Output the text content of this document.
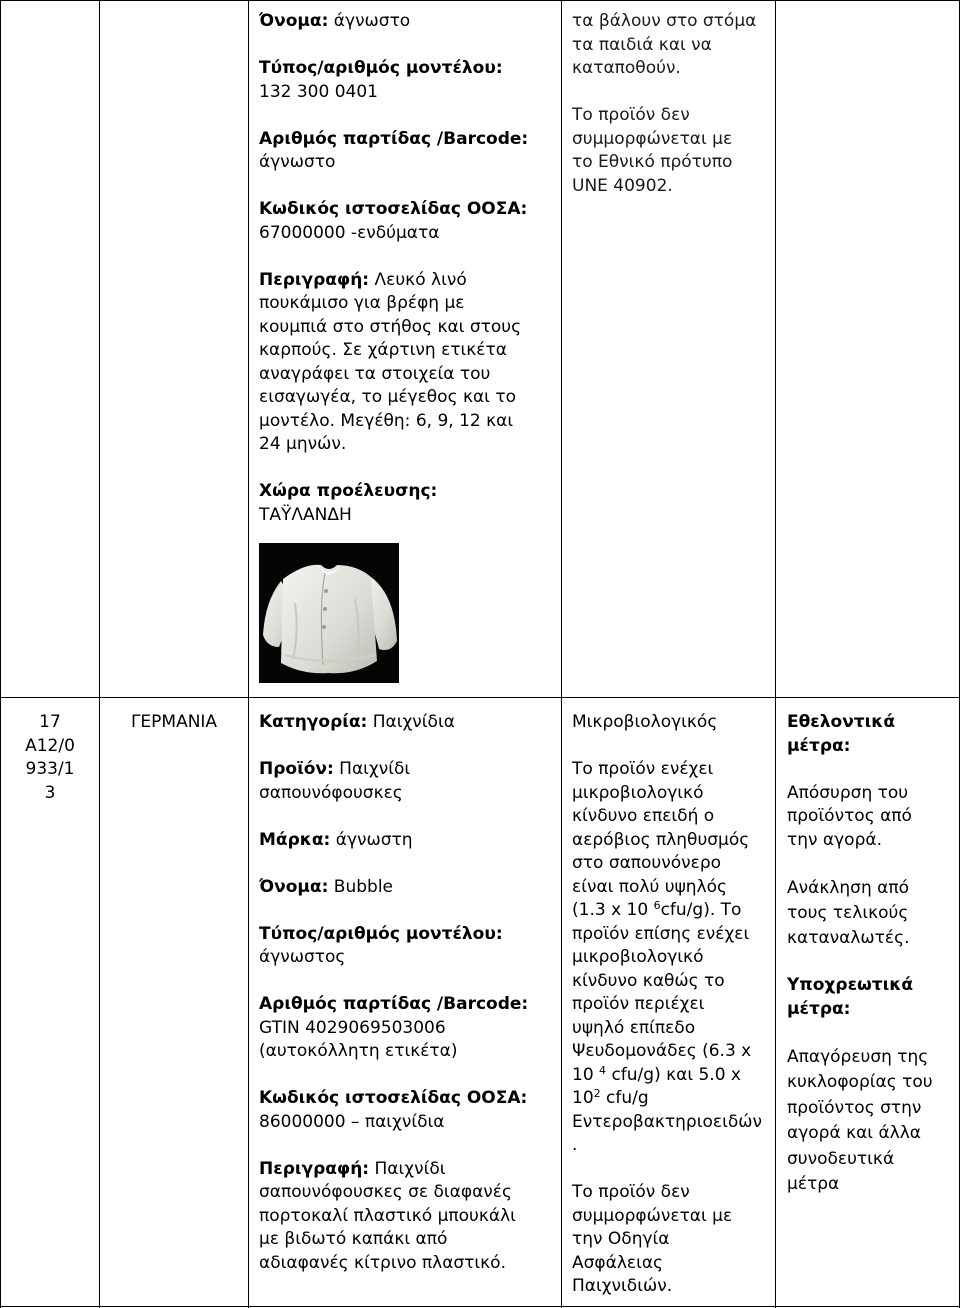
Όνομα: άγνωστο

Τύπος/αριθμός μοντέλου:

132 300 0401

Αριθμός παρτίδας /Barcode:

άγνωστο

Κωδικός ιστοσελίδας ΟΟΣΑ:

67000000 -ενδύματα

Περιγραφή: Λευκό λινό

πουκάμισο για βρέφη με

κουμπιά στο στήθος και στους

καρπούς. Σε χάρτινη ετικέτα

αναγράφει τα στοιχεία του

εισαγωγέα, το μέγεθος και το

μοντέλο. Μεγέθη: 6, 9, 12 και

24 μηνών.

Χώρα προέλευσης:

ΤΑΫΛΑΝΔΗ

τα βάλουν στο στόμα

τα παιδιά και να

καταποθούν.

Το προϊόν δεν

συμμορφώνεται με

το Εθνικό πρότυπο

UNE 40902.

17

A12/0

933/1

3

ΓΕΡΜΑΝΙΑ	Κατηγορία: Παιχνίδια

Προϊόν: Παιχνίδι

σαπουνόφουσκες

Μάρκα: άγνωστη

Όνομα: Bubble

Τύπος/αριθμός μοντέλου:

άγνωστος

Αριθμός παρτίδας /Barcode:

GTIN 4029069503006

(αυτοκόλλητη ετικέτα)

Κωδικός ιστοσελίδας ΟΟΣΑ:

86000000 – παιχνίδια

Περιγραφή: Παιχνίδι

σαπουνόφουσκες σε διαφανές

πορτοκαλί πλαστικό μπουκάλι

με βιδωτό καπάκι από

αδιαφανές κίτρινο πλαστικό.

Μικροβιολογικός

Το προϊόν ενέχει

μικροβιολογικό

κίνδυνο επειδή ο

αερόβιος πληθυσμός

στο σαπουνόνερο

είναι πολύ υψηλός

(1.3 x 10 $^6$cfu/g). Το

προϊόν επίσης ενέχει

μικροβιολογικό

κίνδυνο καθώς το

προϊόν περιέχει

υψηλό επίπεδο

Ψευδομονάδες (6.3 x

10 $^4$ cfu/g) και 5.0 x

$10^2$ cfu/g

Εντεροβακτηριοειδών

.

Το προϊόν δεν

συμμορφώνεται με

την Οδηγία

Ασφάλειας

Παιχνιδιών.

Εθελοντικά

μέτρα:

Απόσυρση του

προϊόντος από

την αγορά.

Ανάκληση από

τους τελικούς

καταναλωτές.

Υποχρεωτικά

μέτρα:

Απαγόρευση της

κυκλοφορίας του

προϊόντος στην

αγορά και άλλα

συνοδευτικά

μέτρα
